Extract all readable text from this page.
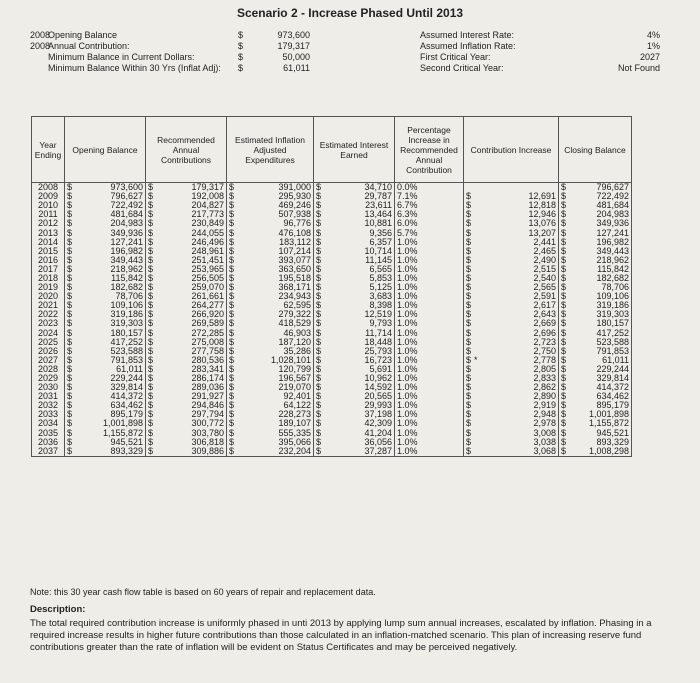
Scenario 2 - Increase Phased Until 2013
2008
Opening Balance	$	973,600	Assumed Interest Rate:	4%
2008
Annual Contribution:	$	179,317	Assumed Inflation Rate:	1%
Minimum Balance in Current Dollars:	$	50,000	First Critical Year:	2027
Minimum Balance Within 30 Yrs (Inflat Adj):	$	61,011	Second Critical Year:	Not Found
Year Ending	Opening Balance		Recommended Annual Contributions		Estimated Inflation Adjusted Expenditures		Estimated Interest Earned		Percentage Increase in Recommended Annual Contribution	Contribution Increase		Closing Balance	
2008	$	973,600	$	179,317	$	391,000	$	34,710	0.0%			$	796,627
2009	$	796,627	$	192,008	$	295,930	$	29,787	7.1%	$	12,691	$	722,492
2010	$	722,492	$	204,827	$	469,246	$	23,611	6.7%	$	12,818	$	481,684
2011	$	481,684	$	217,773	$	507,938	$	13,464	6.3%	$	12,946	$	204,983
2012	$	204,983	$	230,849	$	96,776	$	10,881	6.0%	$	13,076	$	349,936
2013	$	349,936	$	244,055	$	476,108	$	9,356	5.7%	$	13,207	$	127,241
2014	$	127,241	$	246,496	$	183,112	$	6,357	1.0%	$	2,441	$	196,982
2015	$	196,982	$	248,961	$	107,214	$	10,714	1.0%	$	2,465	$	349,443
2016	$	349,443	$	251,451	$	393,077	$	11,145	1.0%	$	2,490	$	218,962
2017	$	218,962	$	253,965	$	363,650	$	6,565	1.0%	$	2,515	$	115,842
2018	$	115,842	$	256,505	$	195,518	$	5,853	1.0%	$	2,540	$	182,682
2019	$	182,682	$	259,070	$	368,171	$	5,125	1.0%	$	2,565	$	78,706
2020	$	78,706	$	261,661	$	234,943	$	3,683	1.0%	$	2,591	$	109,106
2021	$	109,106	$	264,277	$	62,595	$	8,398	1.0%	$	2,617	$	319,186
2022	$	319,186	$	266,920	$	279,322	$	12,519	1.0%	$	2,643	$	319,303
2023	$	319,303	$	269,589	$	418,529	$	9,793	1.0%	$	2,669	$	180,157
2024	$	180,157	$	272,285	$	46,903	$	11,714	1.0%	$	2,696	$	417,252
2025	$	417,252	$	275,008	$	187,120	$	18,448	1.0%	$	2,723	$	523,588
2026	$	523,588	$	277,758	$	35,286	$	25,793	1.0%	$	2,750	$	791,853
2027	$	791,853	$	280,536	$	1,028,101	$	16,723	1.0%	$ *	2,778	$	61,011
2028	$	61,011	$	283,341	$	120,799	$	5,691	1.0%	$	2,805	$	229,244
2029	$	229,244	$	286,174	$	196,567	$	10,962	1.0%	$	2,833	$	329,814
2030	$	329,814	$	289,036	$	219,070	$	14,592	1.0%	$	2,862	$	414,372
2031	$	414,372	$	291,927	$	92,401	$	20,565	1.0%	$	2,890	$	634,462
2032	$	634,462	$	294,846	$	64,122	$	29,993	1.0%	$	2,919	$	895,179
2033	$	895,179	$	297,794	$	228,273	$	37,198	1.0%	$	2,948	$	1,001,898
2034	$	1,001,898	$	300,772	$	189,107	$	42,309	1.0%	$	2,978	$	1,155,872
2035	$	1,155,872	$	303,780	$	555,335	$	41,204	1.0%	$	3,008	$	945,521
2036	$	945,521	$	306,818	$	395,066	$	36,056	1.0%	$	3,038	$	893,329
2037	$	893,329	$	309,886	$	232,204	$	37,287	1.0%	$	3,068	$	1,008,298
Note: this 30 year cash flow table is based on 60 years of repair and replacement data.
Description:
The total required contribution increase is uniformly phased in unti 2013 by applying lump sum annual increases, escalated by inflation. Phasing in a required increase results in higher future contributions than those calculated in an inflation-matched scenario. This plan of increasing reserve fund contributions greater than the rate of inflation will be evident on Status Certificates and may be perceived negatively.
